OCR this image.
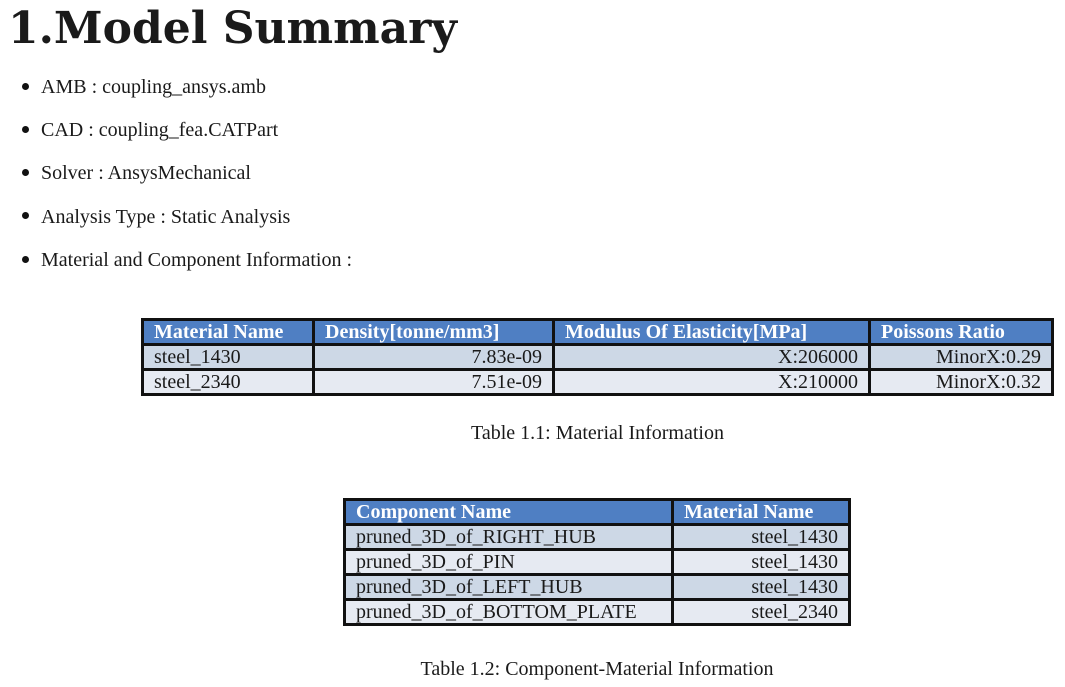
1.Model Summary
AMB : coupling_ansys.amb
CAD : coupling_fea.CATPart
Solver : AnsysMechanical
Analysis Type : Static Analysis
Material and Component Information :
Material Name	Density[tonne/mm3]	Modulus Of Elasticity[MPa]	Poissons Ratio
steel_1430	7.83e-09	X:206000	MinorX:0.29
steel_2340	7.51e-09	X:210000	MinorX:0.32
Table 1.1: Material Information
Component Name	Material Name
pruned_3D_of_RIGHT_HUB	steel_1430
pruned_3D_of_PIN	steel_1430
pruned_3D_of_LEFT_HUB	steel_1430
pruned_3D_of_BOTTOM_PLATE	steel_2340
Table 1.2: Component-Material Information
